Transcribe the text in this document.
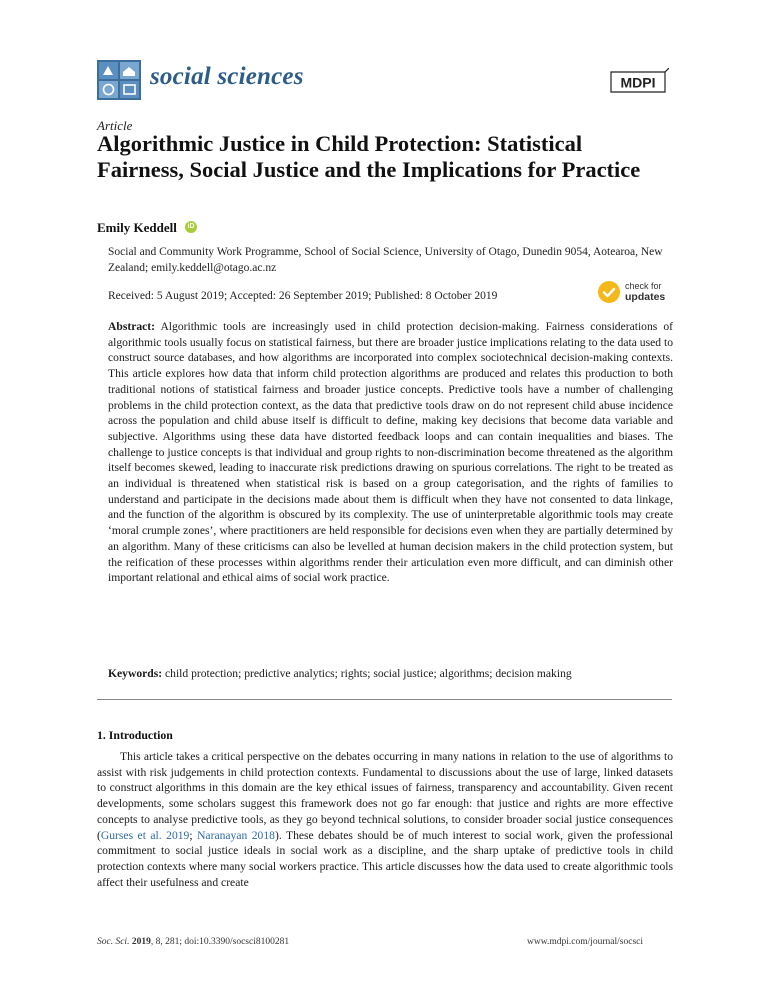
social sciences	MDPI
Article
Algorithmic Justice in Child Protection: Statistical Fairness, Social Justice and the Implications for Practice
Emily Keddell	iD
Social and Community Work Programme, School of Social Science, University of Otago, Dunedin 9054, Aotearoa, New Zealand; emily.keddell@otago.ac.nz
Received: 5 August 2019; Accepted: 26 September 2019; Published: 8 October 2019
check for
updates
Abstract: Algorithmic tools are increasingly used in child protection decision-making. Fairness considerations of algorithmic tools usually focus on statistical fairness, but there are broader justice implications relating to the data used to construct source databases, and how algorithms are incorporated into complex sociotechnical decision-making contexts. This article explores how data that inform child protection algorithms are produced and relates this production to both traditional notions of statistical fairness and broader justice concepts. Predictive tools have a number of challenging problems in the child protection context, as the data that predictive tools draw on do not represent child abuse incidence across the population and child abuse itself is difficult to define, making key decisions that become data variable and subjective. Algorithms using these data have distorted feedback loops and can contain inequalities and biases. The challenge to justice concepts is that individual and group rights to non-discrimination become threatened as the algorithm itself becomes skewed, leading to inaccurate risk predictions drawing on spurious correlations. The right to be treated as an individual is threatened when statistical risk is based on a group categorisation, and the rights of families to understand and participate in the decisions made about them is difficult when they have not consented to data linkage, and the function of the algorithm is obscured by its complexity. The use of uninterpretable algorithmic tools may create ‘moral crumple zones’, where practitioners are held responsible for decisions even when they are partially determined by an algorithm. Many of these criticisms can also be levelled at human decision makers in the child protection system, but the reification of these processes within algorithms render their articulation even more difficult, and can diminish other important relational and ethical aims of social work practice.
Keywords: child protection; predictive analytics; rights; social justice; algorithms; decision making
1. Introduction
This article takes a critical perspective on the debates occurring in many nations in relation to the use of algorithms to assist with risk judgements in child protection contexts. Fundamental to discussions about the use of large, linked datasets to construct algorithms in this domain are the key ethical issues of fairness, transparency and accountability. Given recent developments, some scholars suggest this framework does not go far enough: that justice and rights are more effective concepts to analyse predictive tools, as they go beyond technical solutions, to consider broader social justice consequences (Gurses et al. 2019; Naranayan 2018). These debates should be of much interest to social work, given the professional commitment to social justice ideals in social work as a discipline, and the sharp uptake of predictive tools in child protection contexts where many social workers practice. This article discusses how the data used to create algorithmic tools affect their usefulness and create
Soc. Sci. 2019, 8, 281; doi:10.3390/socsci8100281	www.mdpi.com/journal/socsci
